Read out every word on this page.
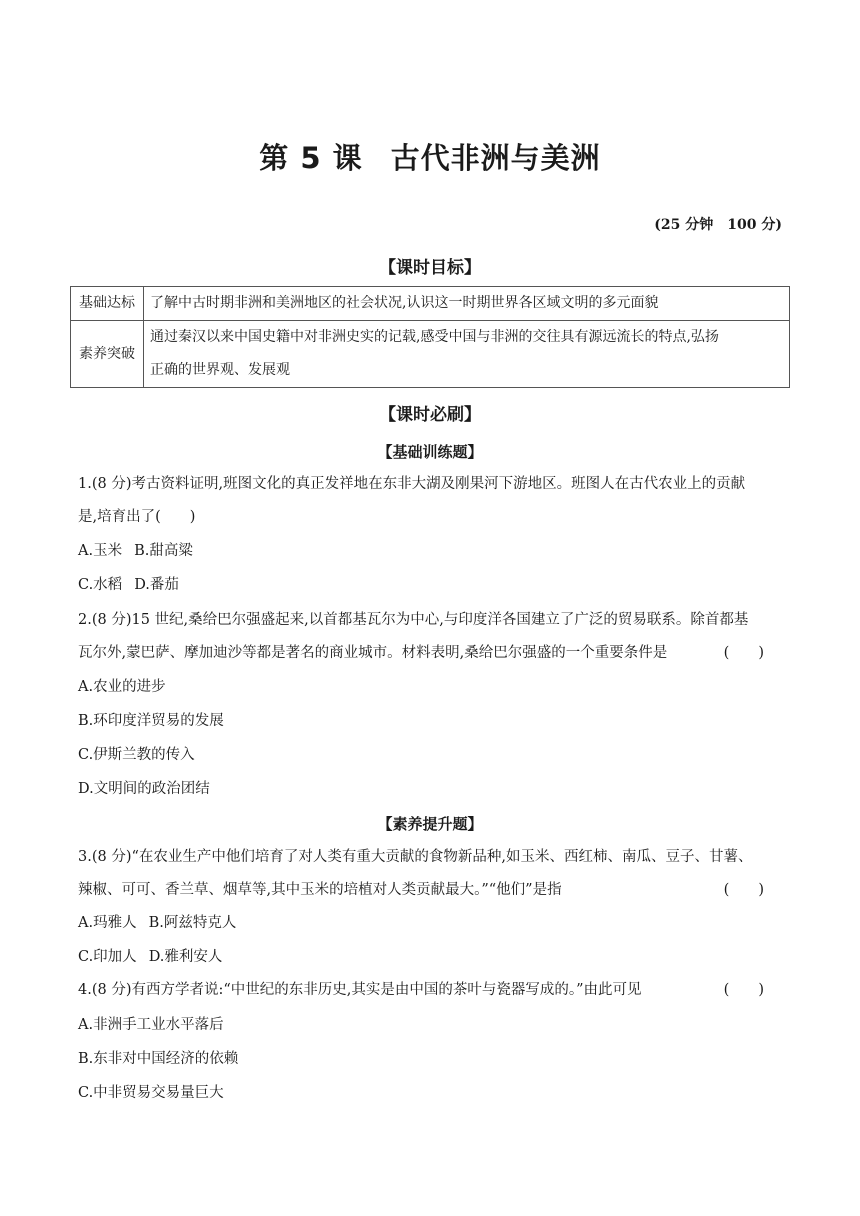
第 5 课 古代非洲与美洲
(25 分钟　100 分)
【课时目标】
基础达标	了解中古时期非洲和美洲地区的社会状况,认识这一时期世界各区域文明的多元面貌
素养突破	通过秦汉以来中国史籍中对非洲史实的记载,感受中国与非洲的交往具有源远流长的特点,弘扬
正确的世界观、发展观
【课时必刷】
【基础训练题】
1.(8 分)考古资料证明,班图文化的真正发祥地在东非大湖及刚果河下游地区。班图人在古代农业上的贡献
是,培育出了(　　)
A.玉米 B.甜高粱
C.水稻 D.番茄
2.(8 分)15 世纪,桑给巴尔强盛起来,以首都基瓦尔为中心,与印度洋各国建立了广泛的贸易联系。除首都基
瓦尔外,蒙巴萨、摩加迪沙等都是著名的商业城市。材料表明,桑给巴尔强盛的一个重要条件是	(　　)
A.农业的进步
B.环印度洋贸易的发展
C.伊斯兰教的传入
D.文明间的政治团结
【素养提升题】
3.(8 分)“在农业生产中他们培育了对人类有重大贡献的食物新品种,如玉米、西红柿、南瓜、豆子、甘薯、
辣椒、可可、香兰草、烟草等,其中玉米的培植对人类贡献最大。”“他们”是指	(　　)
A.玛雅人 B.阿兹特克人
C.印加人 D.雅利安人
4.(8 分)有西方学者说:“中世纪的东非历史,其实是由中国的茶叶与瓷器写成的。”由此可见	(　　)
A.非洲手工业水平落后
B.东非对中国经济的依赖
C.中非贸易交易量巨大
